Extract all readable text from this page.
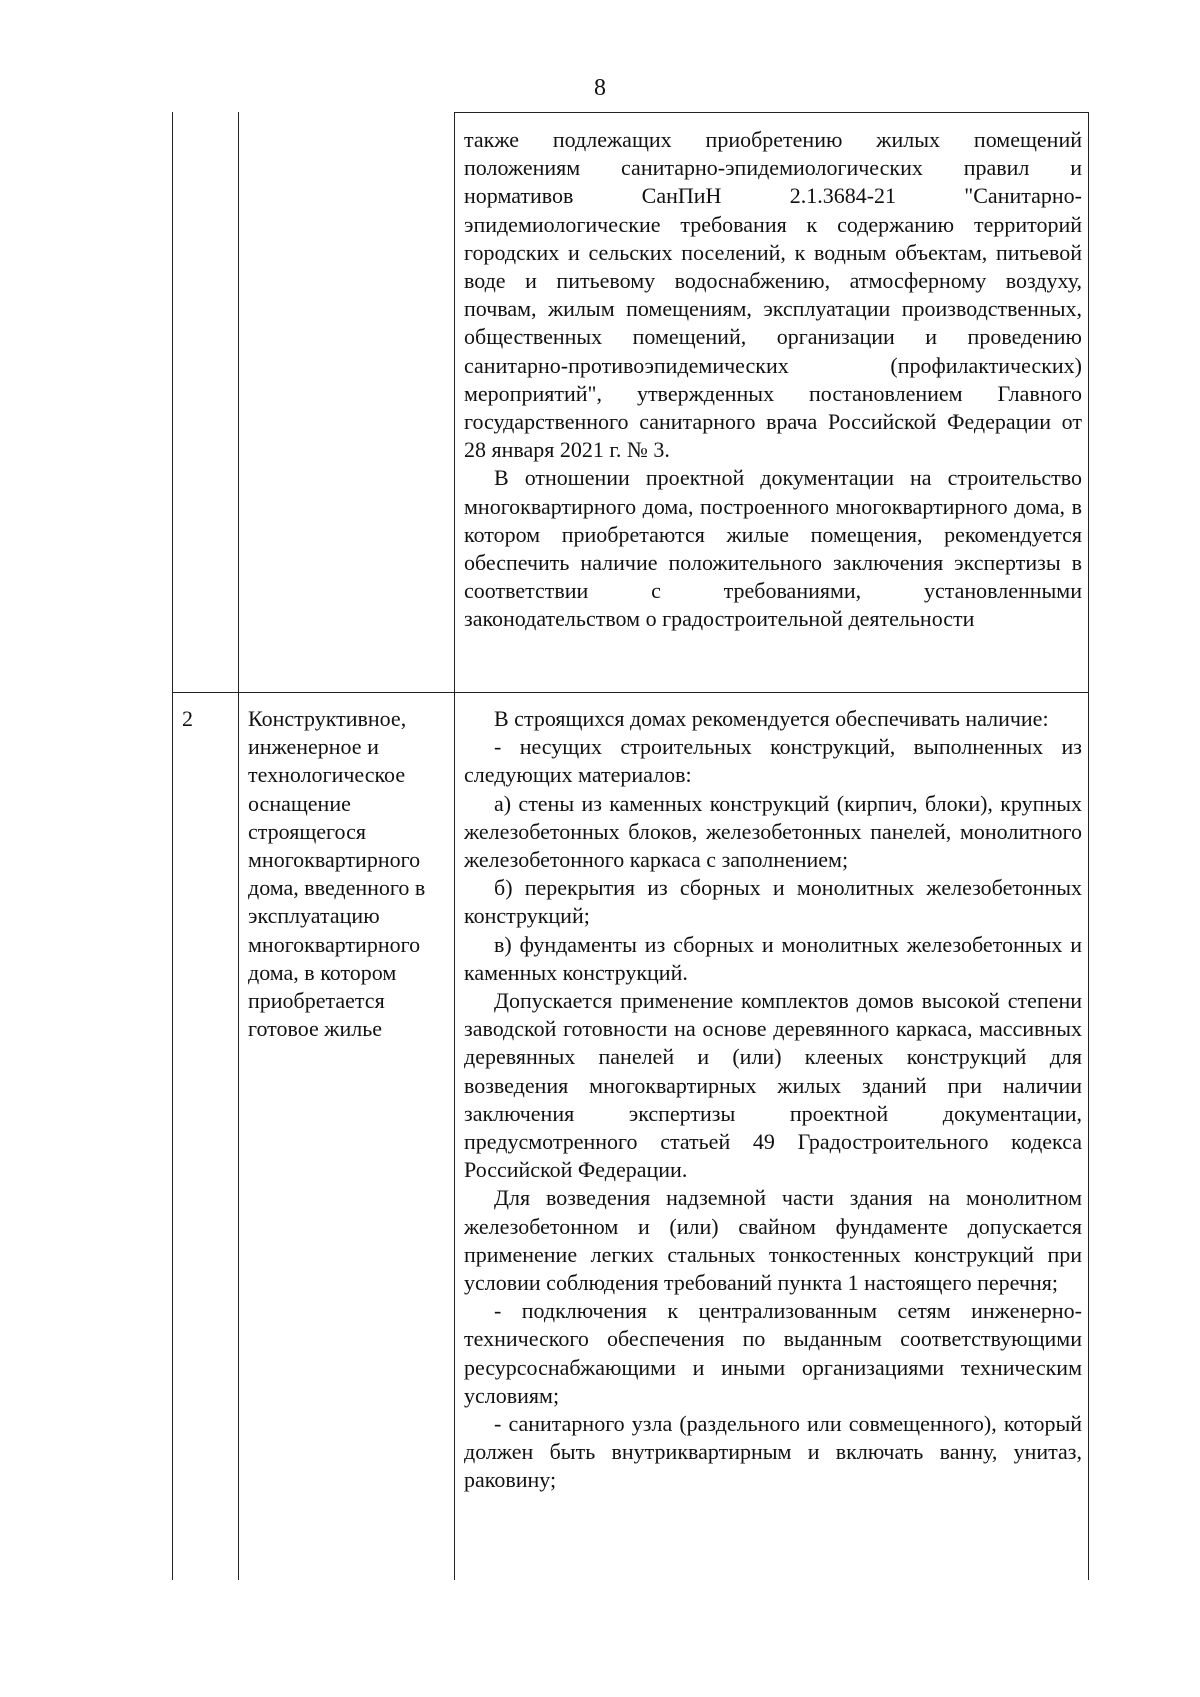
8

также подлежащих приобретению жилых помещений положениям санитарно-эпидемиологических правил и нормативов СанПиН 2.1.3684-21 "Санитарно-эпидемиологические требования к содержанию территорий городских и сельских поселений, к водным объектам, питьевой воде и питьевому водоснабжению, атмосферному воздуху, почвам, жилым помещениям, эксплуатации производственных, общественных помещений, организации и проведению санитарно-противоэпидемических (профилактических) мероприятий", утвержденных постановлением Главного государственного санитарного врача Российской Федерации от 28 января 2021 г. № 3.

В отношении проектной документации на строительство многоквартирного дома, построенного многоквартирного дома, в котором приобретаются жилые помещения, рекомендуется обеспечить наличие положительного заключения экспертизы в соответствии с требованиями, установленными законодательством о градостроительной деятельности

2	Конструктивное, инженерное и технологическое оснащение строящегося многоквартирного дома, введенного в эксплуатацию многоквартирного дома, в котором приобретается готовое жилье

В строящихся домах рекомендуется обеспечивать наличие:

- несущих строительных конструкций, выполненных из следующих материалов:

а) стены из каменных конструкций (кирпич, блоки), крупных железобетонных блоков, железобетонных панелей, монолитного железобетонного каркаса с заполнением;

б) перекрытия из сборных и монолитных железобетонных конструкций;

в) фундаменты из сборных и монолитных железобетонных и каменных конструкций.

Допускается применение комплектов домов высокой степени заводской готовности на основе деревянного каркаса, массивных деревянных панелей и (или) клееных конструкций для возведения многоквартирных жилых зданий при наличии заключения экспертизы проектной документации, предусмотренного статьей 49 Градостроительного кодекса Российской Федерации.

Для возведения надземной части здания на монолитном железобетонном и (или) свайном фундаменте допускается применение легких стальных тонкостенных конструкций при условии соблюдения требований пункта 1 настоящего перечня;

- подключения к централизованным сетям инженерно-технического обеспечения по выданным соответствующими ресурсоснабжающими и иными организациями техническим условиям;

- санитарного узла (раздельного или совмещенного), который должен быть внутриквартирным и включать ванну, унитаз, раковину;
